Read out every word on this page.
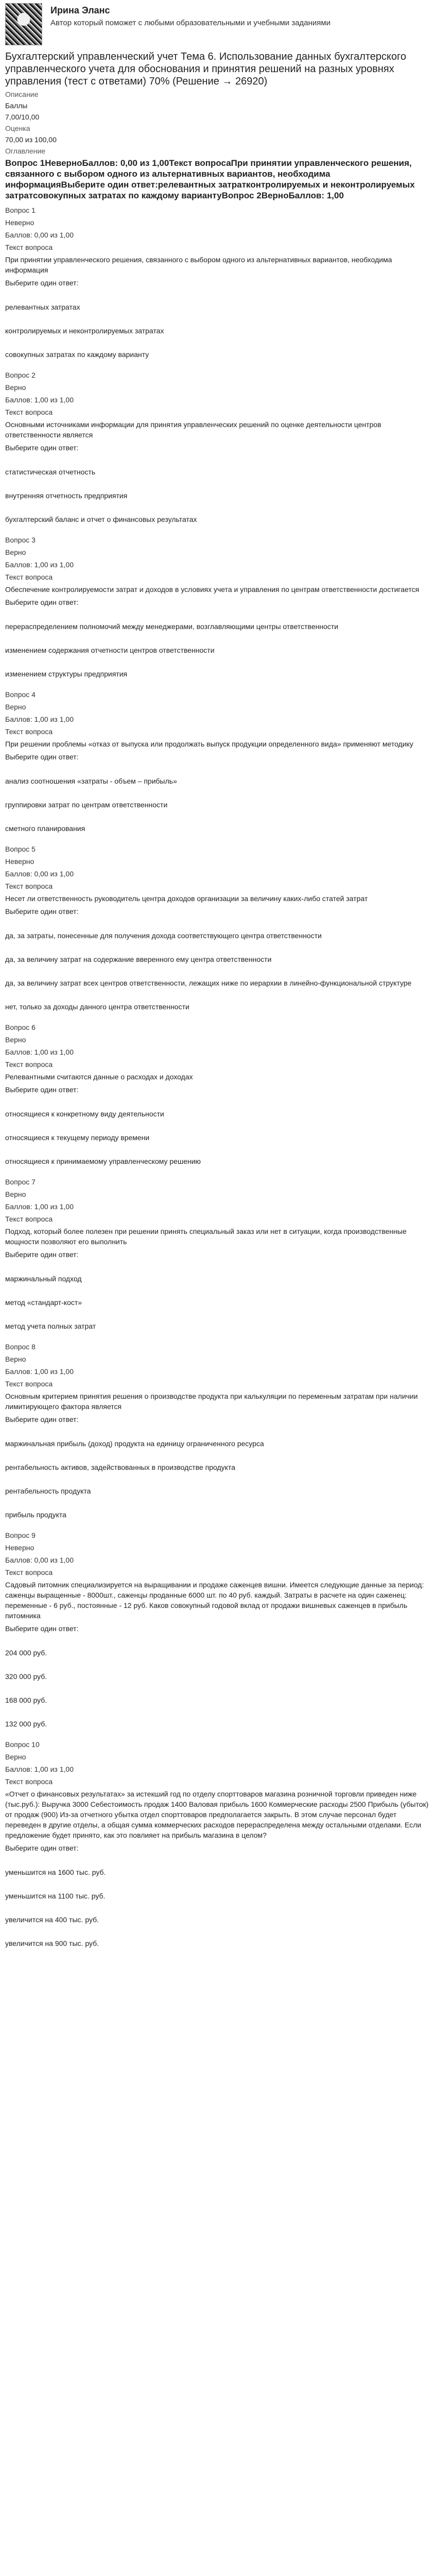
Ирина Эланс
Автор который поможет с любыми образовательными и учебными заданиями
Бухгалтерский управленческий учет Тема 6. Использование данных бухгалтерского управленческого учета для обоснования и принятия решений на разных уровнях управления (тест с ответами) 70% (Решение → 26920)
Описание
Баллы
7,00/10,00
Оценка
70,00 из 100,00
Оглавление
Вопрос 1НеверноБаллов: 0,00 из 1,00Текст вопросаПри принятии управленческого решения, связанного с выбором одного из альтернативных вариантов, необходима информацияВыберите один ответ:релевантных затратконтролируемых и неконтролируемых затратсовокупных затратах по каждому вариантуВопрос 2ВерноБаллов: 1,00
Вопрос 1
Неверно
Баллов: 0,00 из 1,00
Текст вопроса
При принятии управленческого решения, связанного с выбором одного из альтернативных вариантов, необходима информация
Выберите один ответ:
релевантных затратах
контролируемых и неконтролируемых затратах
совокупных затратах по каждому варианту
Вопрос 2
Верно
Баллов: 1,00 из 1,00
Текст вопроса
Основными источниками информации для принятия управленческих решений по оценке деятельности центров ответственности является
Выберите один ответ:
статистическая отчетность
внутренняя отчетность предприятия
бухгалтерский баланс и отчет о финансовых результатах
Вопрос 3
Верно
Баллов: 1,00 из 1,00
Текст вопроса
Обеспечение контролируемости затрат и доходов в условиях учета и управления по центрам ответственности достигается
Выберите один ответ:
перераспределением полномочий между менеджерами, возглавляющими центры ответственности
изменением содержания отчетности центров ответственности
изменением структуры предприятия
Вопрос 4
Верно
Баллов: 1,00 из 1,00
Текст вопроса
При решении проблемы «отказ от выпуска или продолжать выпуск продукции определенного вида» применяют методику
Выберите один ответ:
анализ соотношения «затраты - объем – прибыль»
группировки затрат по центрам ответственности
сметного планирования
Вопрос 5
Неверно
Баллов: 0,00 из 1,00
Текст вопроса
Несет ли ответственность руководитель центра доходов организации за величину каких-либо статей затрат
Выберите один ответ:
да, за затраты, понесенные для получения дохода соответствующего центра ответственности
да, за величину затрат на содержание вверенного ему центра ответственности
да, за величину затрат всех центров ответственности, лежащих ниже по иерархии в линейно-функциональной структуре
нет, только за доходы данного центра ответственности
Вопрос 6
Верно
Баллов: 1,00 из 1,00
Текст вопроса
Релевантными считаются данные о расходах и доходах
Выберите один ответ:
относящиеся к конкретному виду деятельности
относящиеся к текущему периоду времени
относящиеся к принимаемому управленческому решению
Вопрос 7
Верно
Баллов: 1,00 из 1,00
Текст вопроса
Подход, который более полезен при решении принять специальный заказ или нет в ситуации, когда производственные мощности позволяют его выполнить
Выберите один ответ:
маржинальный подход
метод «стандарт-кост»
метод учета полных затрат
Вопрос 8
Верно
Баллов: 1,00 из 1,00
Текст вопроса
Основным критерием принятия решения о производстве продукта при калькуляции по переменным затратам при наличии лимитирующего фактора является
Выберите один ответ:
маржинальная прибыль (доход) продукта на единицу ограниченного ресурса
рентабельность активов, задействованных в производстве продукта
рентабельность продукта
прибыль продукта
Вопрос 9
Неверно
Баллов: 0,00 из 1,00
Текст вопроса
Садовый питомник специализируется на выращивании и продаже саженцев вишни. Имеется следующие данные за период: саженцы выращенные - 8000шт., саженцы проданные 6000 шт. по 40 руб. каждый. Затраты в расчете на один саженец: переменные - 6 руб., постоянные - 12 руб. Каков совокупный годовой вклад от продажи вишневых саженцев в прибыль питомника
Выберите один ответ:
204 000 руб.
320 000 руб.
168 000 руб.
132 000 руб.
Вопрос 10
Верно
Баллов: 1,00 из 1,00
Текст вопроса
«Отчет о финансовых результатах» за истекший год по отделу спорттоваров магазина розничной торговли приведен ниже (тыс.руб.): Выручка 3000 Себестоимость продаж 1400 Валовая прибыль 1600 Коммерческие расходы 2500 Прибыль (убыток) от продаж (900) Из-за отчетного убытка отдел спорттоваров предполагается закрыть. В этом случае персонал будет переведен в другие отделы, а общая сумма коммерческих расходов перераспределена между остальными отделами. Если предложение будет принято, как это повлияет на прибыль магазина в целом?
Выберите один ответ:
уменьшится на 1600 тыс. руб.
уменьшится на 1100 тыс. руб.
увеличится на 400 тыс. руб.
увеличится на 900 тыс. руб.
